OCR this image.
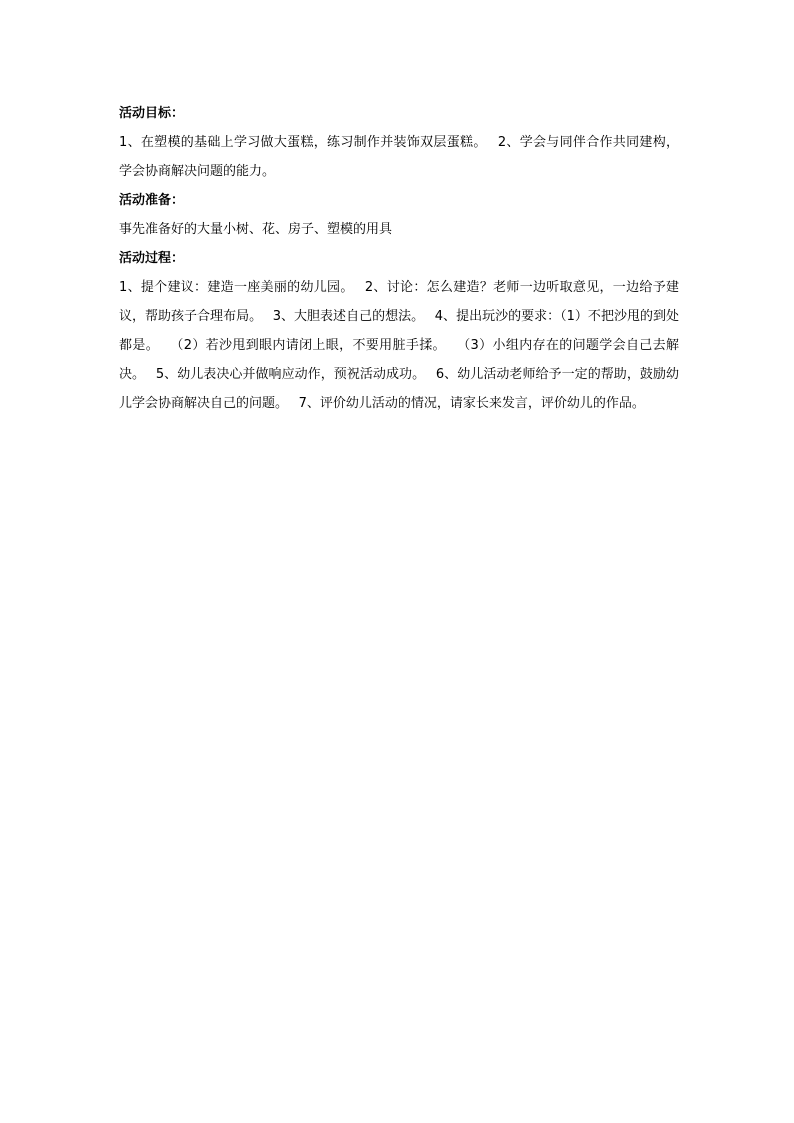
活动目标：

1、在塑模的基础上学习做大蛋糕，练习制作并装饰双层蛋糕。　 2、学会与同伴合作共同建构，学会协商解决问题的能力。

活动准备：

事先准备好的大量小树、花、房子、塑模的用具

活动过程：

1、提个建议：建造一座美丽的幼儿园。　 2、讨论：怎么建造？老师一边听取意见，一边给予建议，帮助孩子合理布局。　 3、大胆表述自己的想法。　 4、提出玩沙的要求：（1）不把沙甩的到处都是。　 （2）若沙甩到眼内请闭上眼，不要用脏手揉。　 （3）小组内存在的问题学会自己去解决。　 5、幼儿表决心并做响应动作，预祝活动成功。　 6、幼儿活动老师给予一定的帮助，鼓励幼儿学会协商解决自己的问题。　 7、评价幼儿活动的情况，请家长来发言，评价幼儿的作品。
